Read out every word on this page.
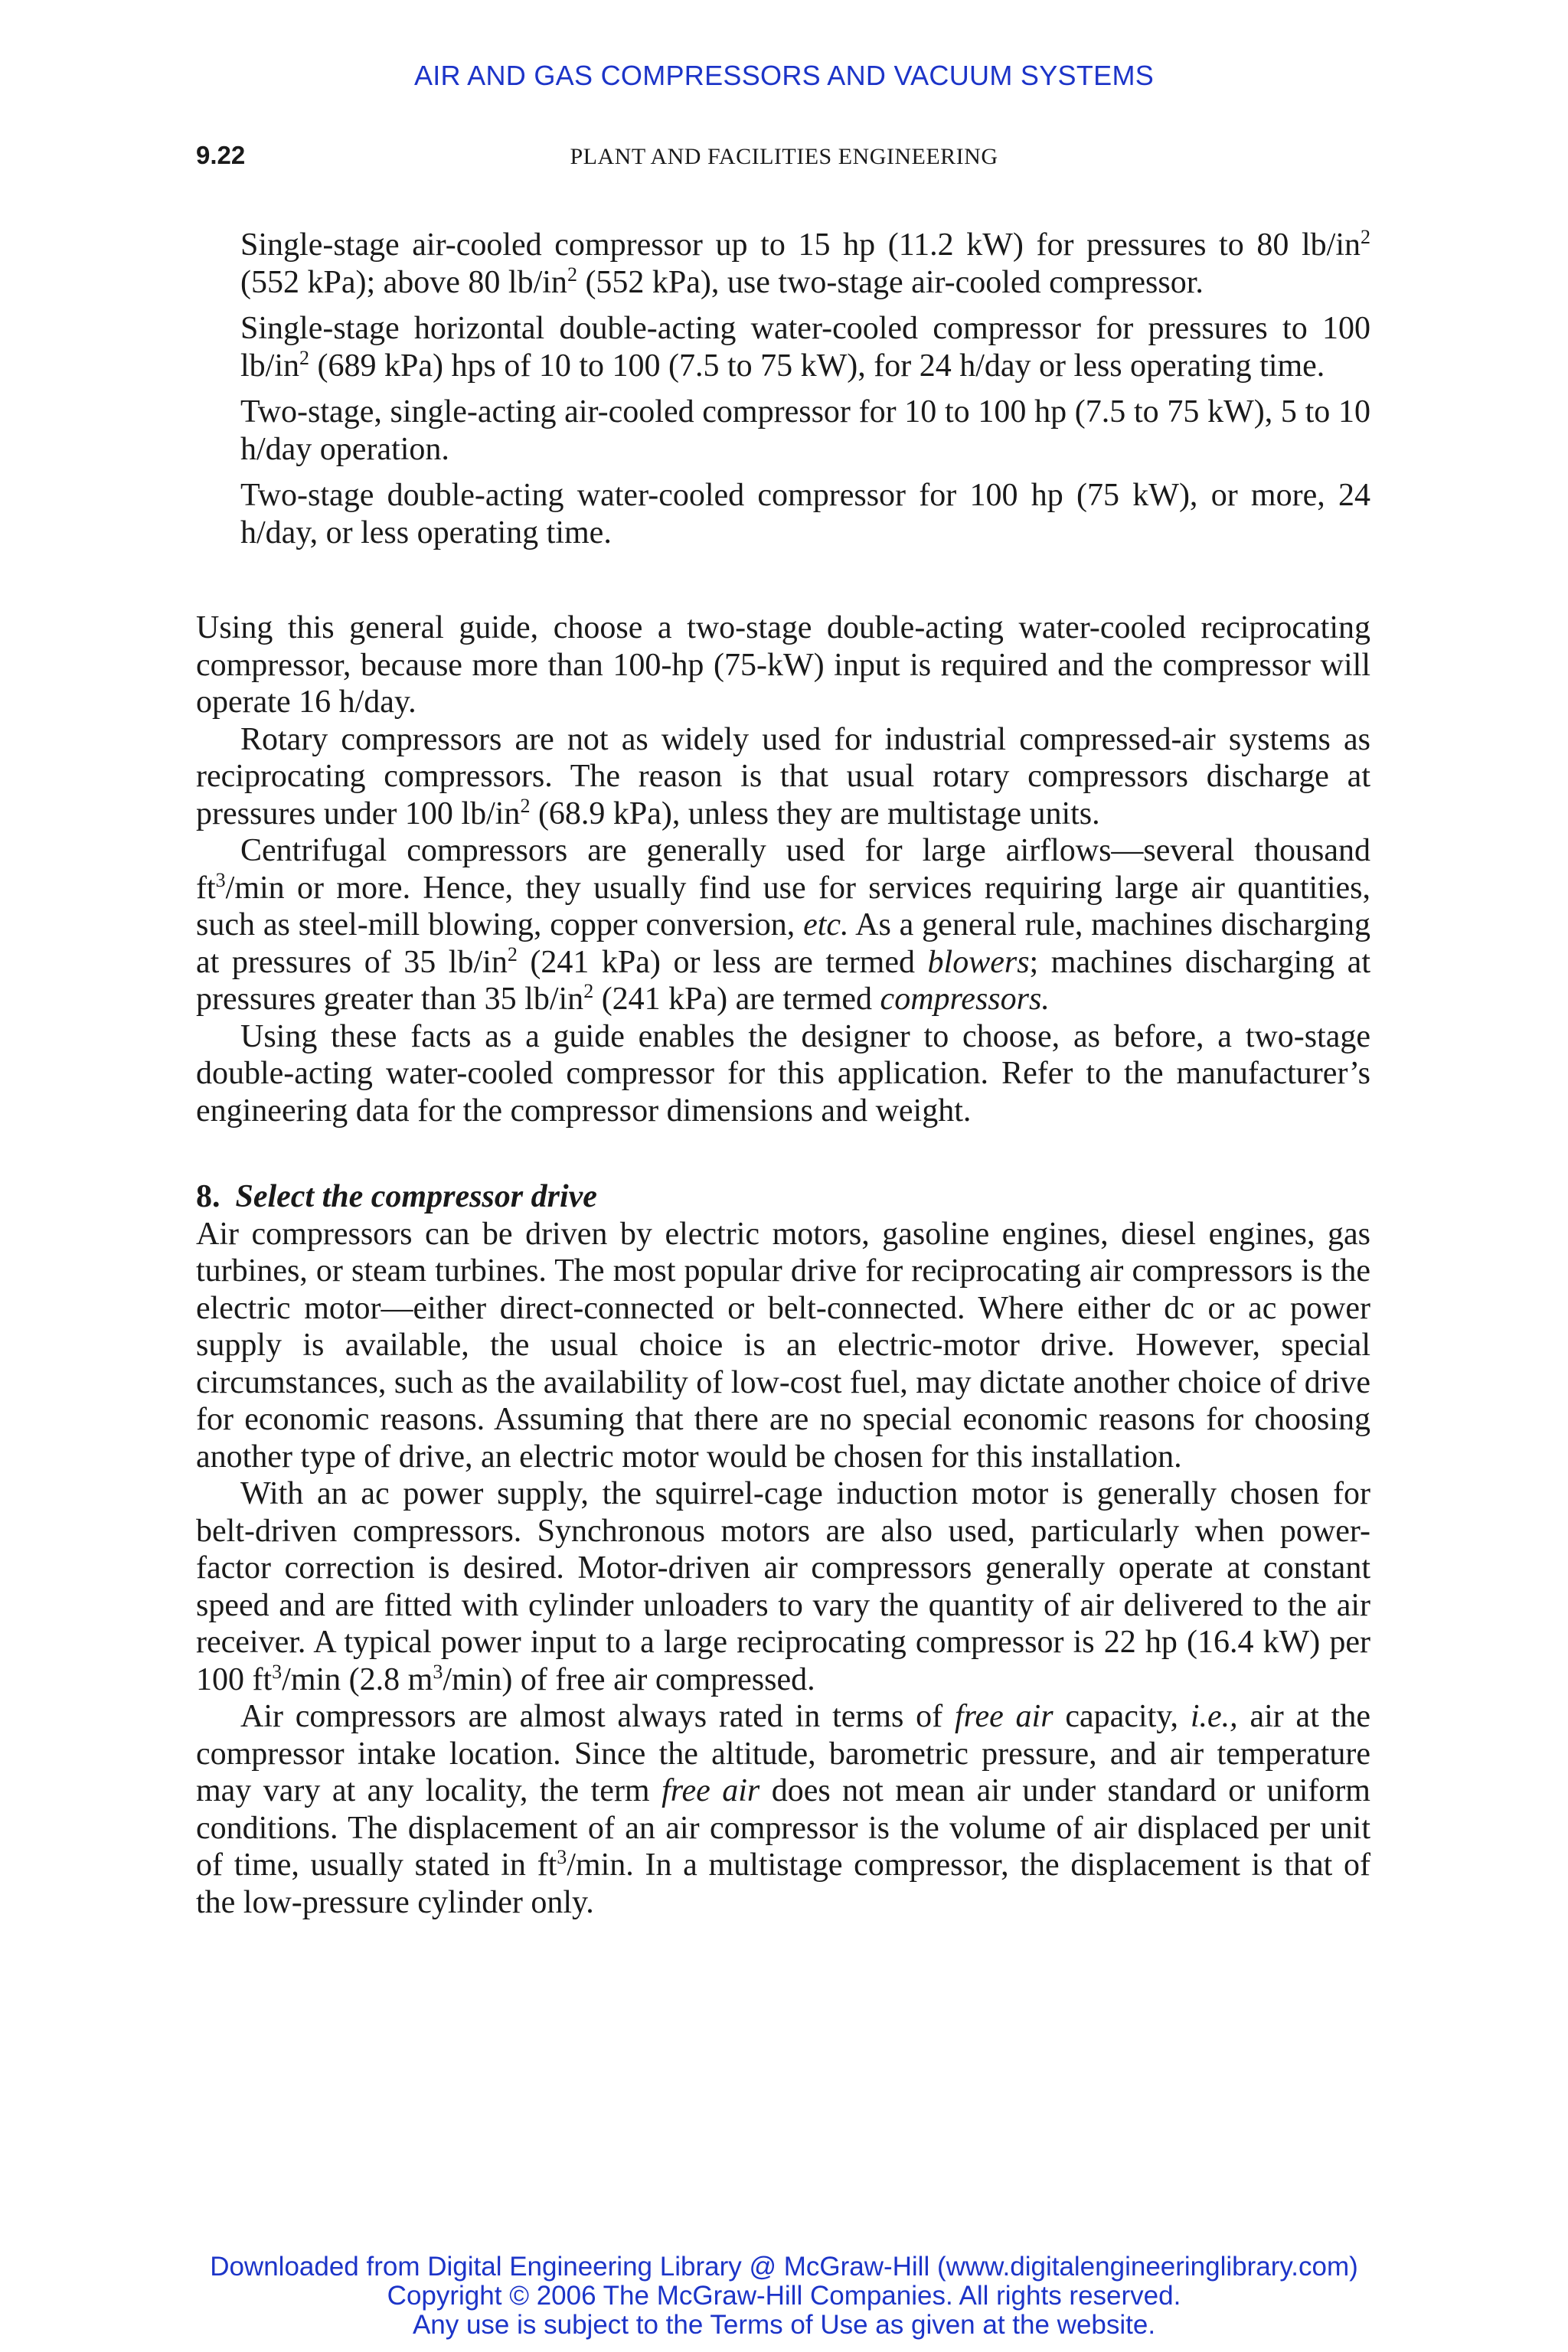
AIR AND GAS COMPRESSORS AND VACUUM SYSTEMS
9.22	PLANT AND FACILITIES ENGINEERING

Single-stage air-cooled compressor up to 15 hp (11.2 kW) for pressures to 80 $lb/in^2$ (552 kPa); above 80 $lb/in^2$ (552 kPa), use two-stage air-cooled compressor.

Single-stage horizontal double-acting water-cooled compressor for pressures to 100 $lb/in^2$ (689 kPa) hps of 10 to 100 (7.5 to 75 kW), for 24 h/day or less operating time.

Two-stage, single-acting air-cooled compressor for 10 to 100 hp (7.5 to 75 kW), 5 to 10 h/day operation.

Two-stage double-acting water-cooled compressor for 100 hp (75 kW), or more, 24 h/day, or less operating time.

Using this general guide, choose a two-stage double-acting water-cooled reciprocating compressor, because more than 100-hp (75-kW) input is required and the compressor will operate 16 h/day.

Rotary compressors are not as widely used for industrial compressed-air systems as reciprocating compressors. The reason is that usual rotary compressors discharge at pressures under 100 $lb/in^2$ (68.9 kPa), unless they are multistage units.

Centrifugal compressors are generally used for large airflows—several thousand $ft^3/\min$ or more. Hence, they usually find use for services requiring large air quantities, such as steel-mill blowing, copper conversion, etc. As a general rule, machines discharging at pressures of 35 $lb/in^2$ (241 kPa) or less are termed blowers; machines discharging at pressures greater than 35 $lb/in^2$ (241 kPa) are termed compressors.

Using these facts as a guide enables the designer to choose, as before, a two-stage double-acting water-cooled compressor for this application. Refer to the manufacturer’s engineering data for the compressor dimensions and weight.

8. Select the compressor drive

Air compressors can be driven by electric motors, gasoline engines, diesel engines, gas turbines, or steam turbines. The most popular drive for reciprocating air compressors is the electric motor—either direct-connected or belt-connected. Where either dc or ac power supply is available, the usual choice is an electric-motor drive. However, special circumstances, such as the availability of low-cost fuel, may dictate another choice of drive for economic reasons. Assuming that there are no special economic reasons for choosing another type of drive, an electric motor would be chosen for this installation.

With an ac power supply, the squirrel-cage induction motor is generally chosen for belt-driven compressors. Synchronous motors are also used, particularly when power-factor correction is desired. Motor-driven air compressors generally operate at constant speed and are fitted with cylinder unloaders to vary the quantity of air delivered to the air receiver. A typical power input to a large reciprocating compressor is 22 hp (16.4 kW) per 100 $ft^3/\min$ (2.8 $m^3/\min$) of free air compressed.

Air compressors are almost always rated in terms of free air capacity, i.e., air at the compressor intake location. Since the altitude, barometric pressure, and air temperature may vary at any locality, the term free air does not mean air under standard or uniform conditions. The displacement of an air compressor is the volume of air displaced per unit of time, usually stated in $ft^3/\min$. In a multistage compressor, the displacement is that of the low-pressure cylinder only.

Downloaded from Digital Engineering Library @ McGraw-Hill (www.digitalengineeringlibrary.com)
Copyright © 2006 The McGraw-Hill Companies. All rights reserved.
Any use is subject to the Terms of Use as given at the website.
